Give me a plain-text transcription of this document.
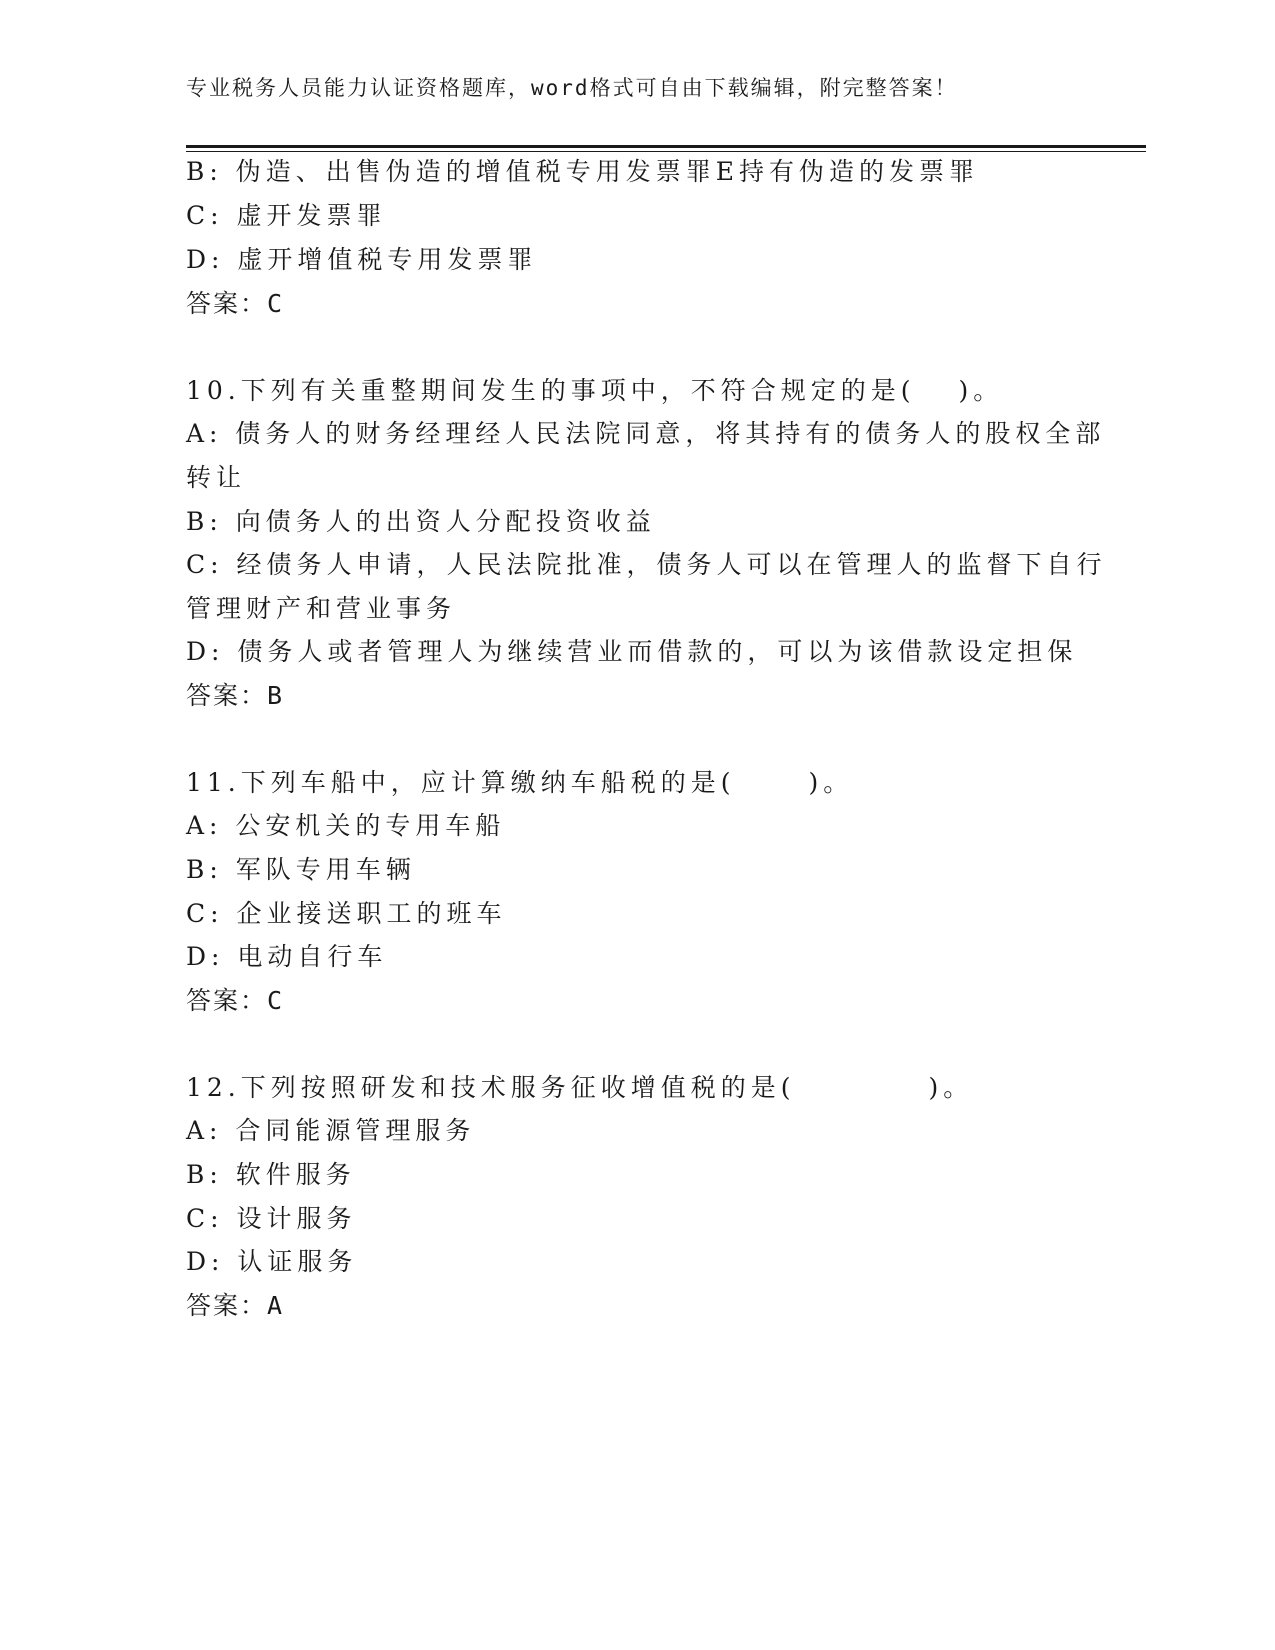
专业税务人员能力认证资格题库，word格式可自由下载编辑，附完整答案！
B: 伪造、出售伪造的增值税专用发票罪E持有伪造的发票罪
C: 虚开发票罪
D: 虚开增值税专用发票罪
答案：C
10.下列有关重整期间发生的事项中，不符合规定的是(　 )。
A: 债务人的财务经理经人民法院同意，将其持有的债务人的股权全部
转让
B: 向债务人的出资人分配投资收益
C: 经债务人申请，人民法院批准，债务人可以在管理人的监督下自行
管理财产和营业事务
D: 债务人或者管理人为继续营业而借款的，可以为该借款设定担保
答案：B
11.下列车船中，应计算缴纳车船税的是(　　 )。
A: 公安机关的专用车船
B: 军队专用车辆
C: 企业接送职工的班车
D: 电动自行车
答案：C
12.下列按照研发和技术服务征收增值税的是(　　　　 )。
A: 合同能源管理服务
B: 软件服务
C: 设计服务
D: 认证服务
答案：A
